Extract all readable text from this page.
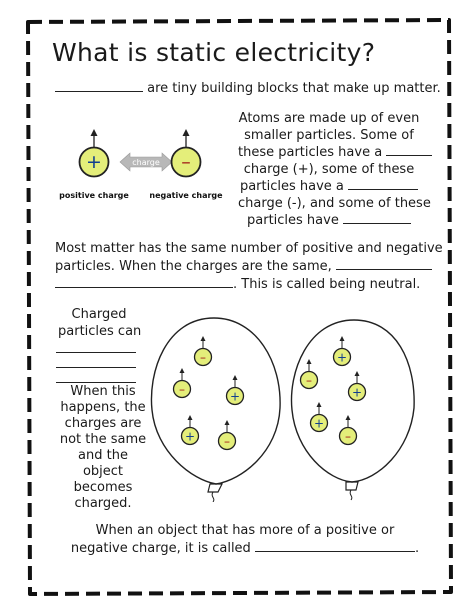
What is static electricity?
are tiny building blocks that make up matter.
+	charge –
positive charge	negative charge
Atoms are made up of even
smaller particles. Some of
these particles have a
charge (+), some of these
particles have a
charge (-), and some of these
particles have
Most matter has the same number of positive and negative
particles. When the charges are the same,
. This is called being neutral.
Charged
particles can
When this
happens, the
charges are
not the same
and the
object
becomes
charged.
–
–	+
+ –
+
–
+
+
–
When an object that has more of a positive or
negative charge, it is called	.
